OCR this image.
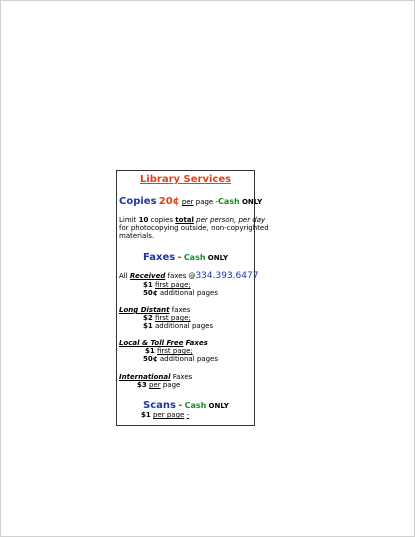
Library Services
Copies 20¢ per page -Cash ONLY
Limit 10 copies total per person, per day
for photocopying outside, non-copyrighted
materials.
Faxes - Cash ONLY
All Received faxes @334.393.6477
$1 first page;
50¢ additional pages
Long Distant faxes
$2 first page;
$1 additional pages
Local & Toll Free Faxes
$1 first page;
50¢ additional pages
International Faxes
$3 per page
Scans - Cash ONLY
$1 per page -
